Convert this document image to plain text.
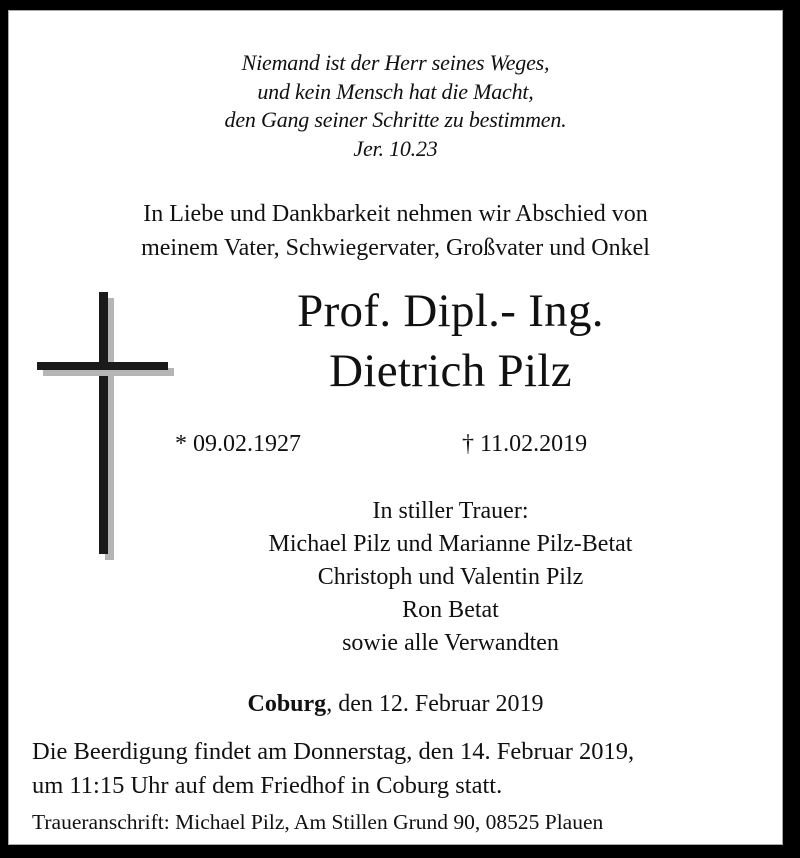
Niemand ist der Herr seines Weges,
und kein Mensch hat die Macht,
den Gang seiner Schritte zu bestimmen.
Jer. 10.23
In Liebe und Dankbarkeit nehmen wir Abschied von
meinem Vater, Schwiegervater, Großvater und Onkel
Prof. Dipl.- Ing.
Dietrich Pilz
* 09.02.1927	† 11.02.2019
In stiller Trauer:
Michael Pilz und Marianne Pilz-Betat
Christoph und Valentin Pilz
Ron Betat
sowie alle Verwandten
Coburg, den 12. Februar 2019
Die Beerdigung findet am Donnerstag, den 14. Februar 2019,
um 11:15 Uhr auf dem Friedhof in Coburg statt.
Traueranschrift: Michael Pilz, Am Stillen Grund 90, 08525 Plauen
